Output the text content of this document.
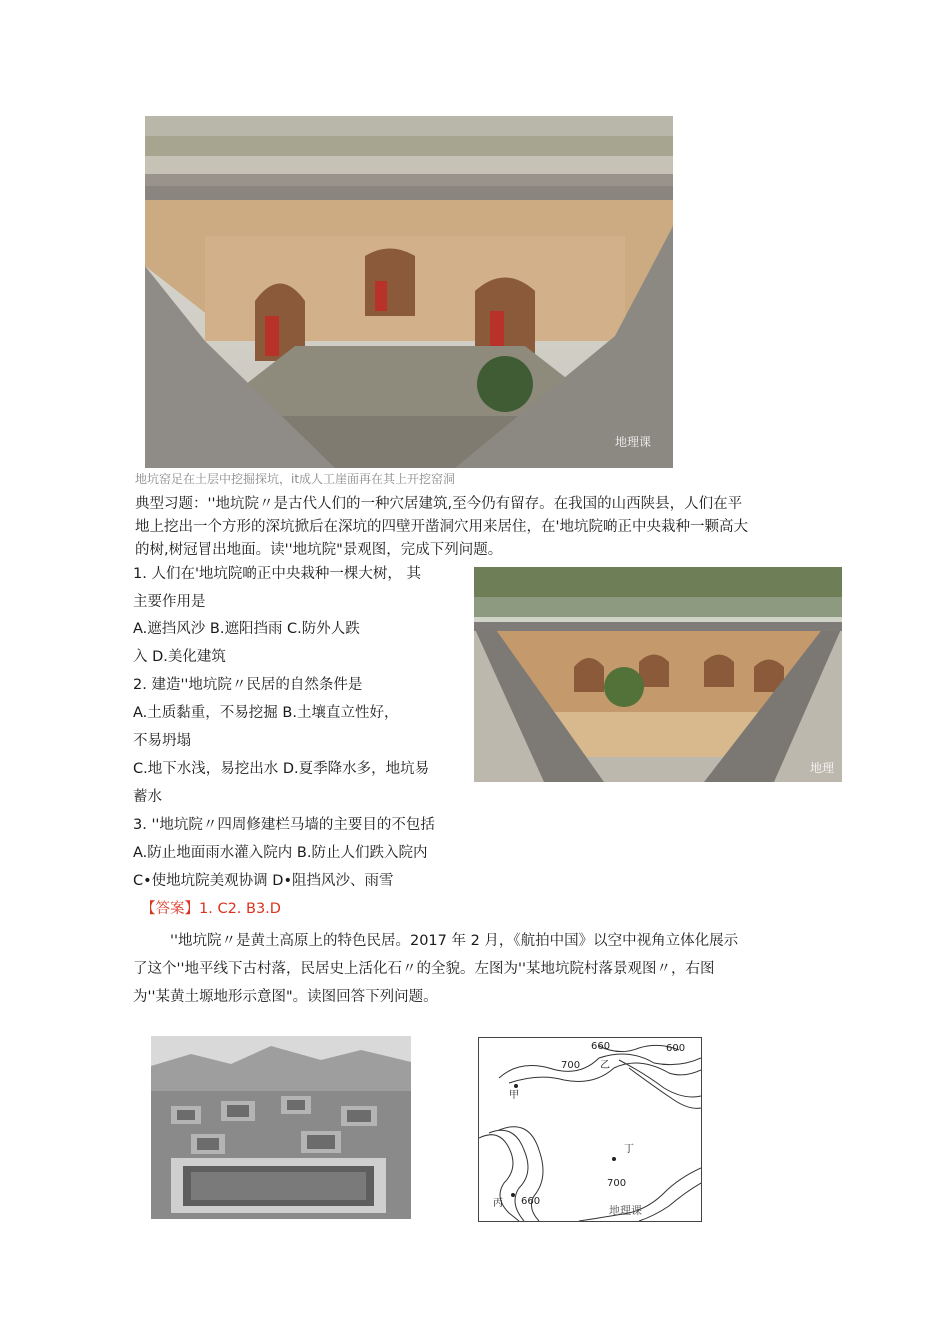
地理课
地坑窑足在土层中挖掘探坑，it成人工崖面再在其上开挖窑洞
典型习题：''地坑院〃是古代人们的一种穴居建筑,至今仍有留存。在我国的山西陕县，人们在平
地上挖出一个方形的深坑掀后在深坑的四壁开凿洞穴用来居住，在'地坑院啲正中央栽种一颗高大
的树,树冠冒出地面。读''地坑院"景观图，完成下列问题。
1. 人们在'地坑院啲正中央栽种一棵大树， 其
主要作用是
A.遮挡风沙 B.遮阳挡雨 C.防外人跌
入 D.美化建筑
2. 建造''地坑院〃民居的自然条件是
A.土质黏重，不易挖掘 B.土壤直立性好，
不易坍塌
C.地下水浅，易挖出水 D.夏季降水多，地坑易
蓄水
地理
3. ''地坑院〃四周修建栏马墙的主要目的不包括
A.防止地面雨水灌入院内 B.防止人们跌入院内
C•使地坑院美观协调 D•阻挡风沙、雨雪
【答案】1. C2. B3.D
''地坑院〃是黄土高原上的特色民居。2017 年 2 月，《航拍中国》以空中视角立体化展示
了这个''地平线下古村落，民居史上活化石〃的全貌。左图为''某地坑院村落景观图〃，右图
为''某黄土塬地形示意图"。读图回答下列问题。
660	600
700 乙
甲
丁
700
660
丙
地理课
